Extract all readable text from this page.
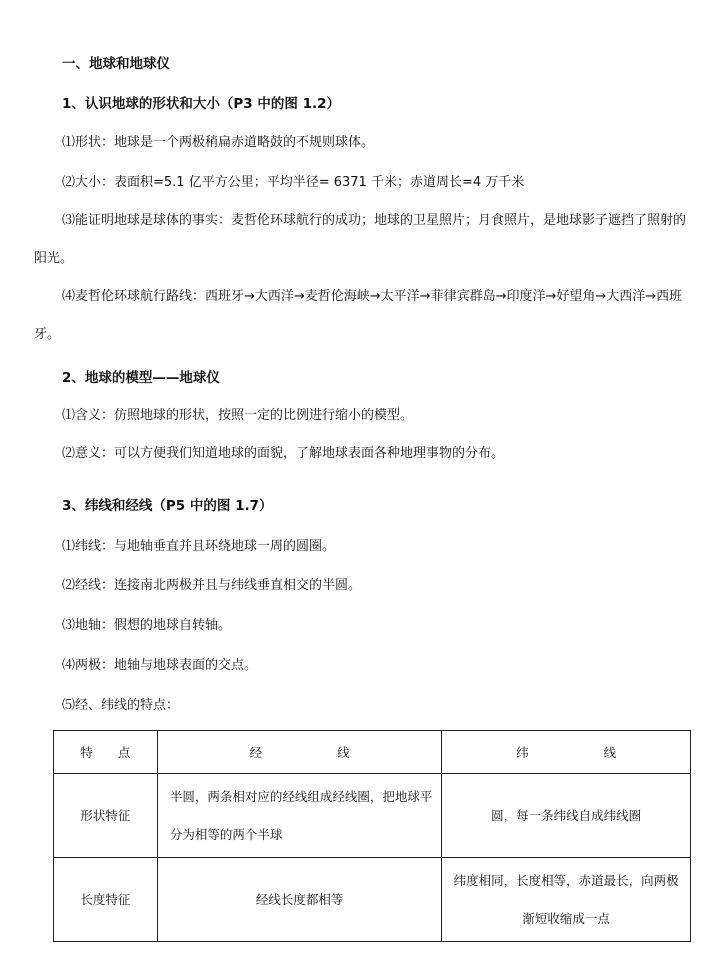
一、地球和地球仪
1、认识地球的形状和大小（P3 中的图 1.2）
⑴形状：地球是一个两极稍扁赤道略鼓的不规则球体。
⑵大小：表面积=5.1 亿平方公里；平均半径= 6371 千米；赤道周长=4 万千米
⑶能证明地球是球体的事实：麦哲伦环球航行的成功；地球的卫星照片；月食照片，是地球影子遮挡了照射的阳光。
⑷麦哲伦环球航行路线：西班牙→大西洋→麦哲伦海峡→太平洋→菲律宾群岛→印度洋→好望角→大西洋→西班牙。
2、地球的模型——地球仪
⑴含义：仿照地球的形状，按照一定的比例进行缩小的模型。
⑵意义：可以方便我们知道地球的面貌，了解地球表面各种地理事物的分布。
3、纬线和经线（P5 中的图 1.7）
⑴纬线：与地轴垂直并且环绕地球一周的圆圈。
⑵经线：连接南北两极并且与纬线垂直相交的半圆。
⑶地轴：假想的地球自转轴。
⑷两极：地轴与地球表面的交点。
⑸经、纬线的特点：
特　　点	经　　　　　　线	纬　　　　　　线
形状特征	半圆，两条相对应的经线组成经线圈，把地球平分为相等的两个半球	圆，每一条纬线自成纬线圈
长度特征	经线长度都相等	纬度相同，长度相等，赤道最长，向两极渐短收缩成一点
